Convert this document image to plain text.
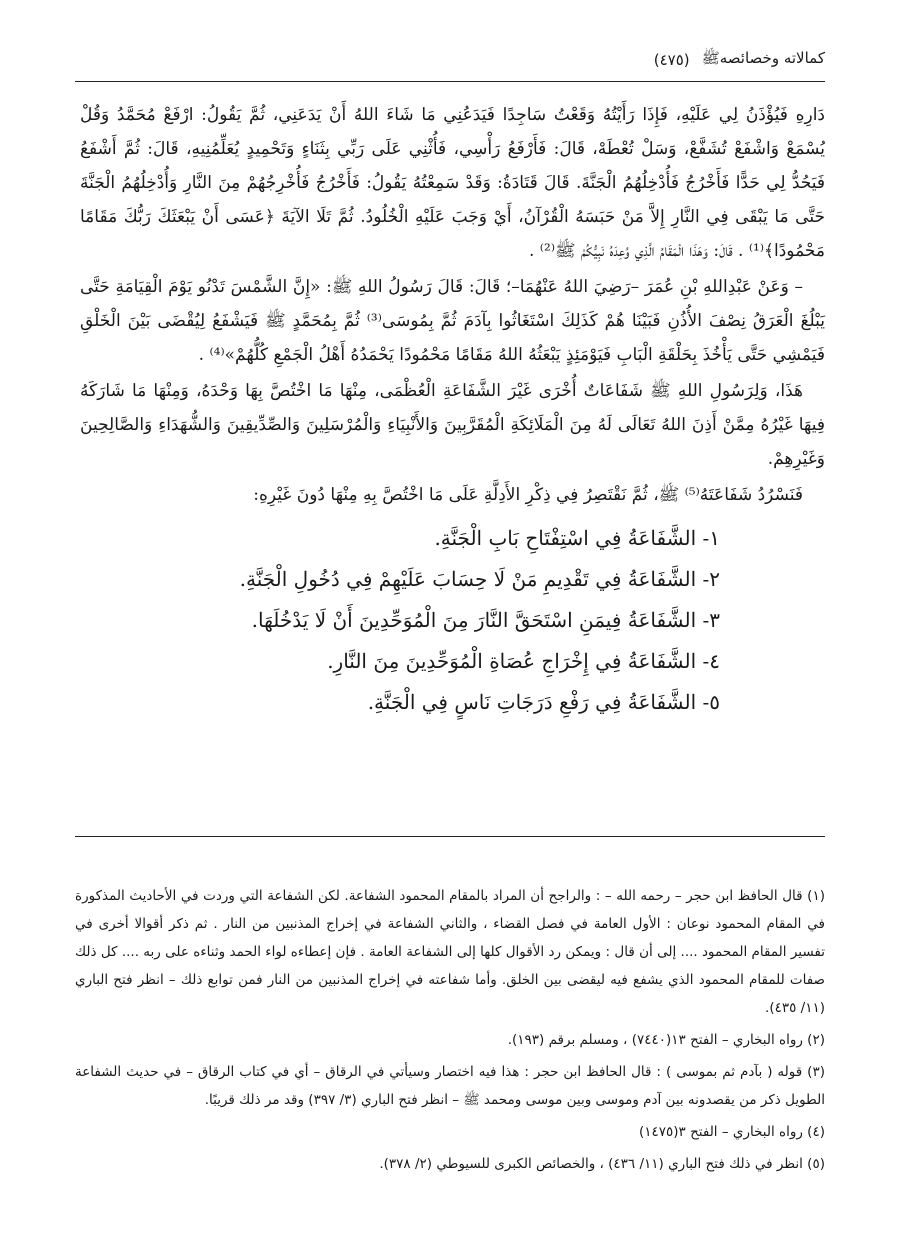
كمالاته وخصائصهﷺ
(٤٧٥)

دَارِهِ فَيُؤْذَنُ لِي عَلَيْهِ، فَإِذَا رَأَيْتُهُ وَقَعْتُ سَاجِدًا فَيَدَعُنِي مَا شَاءَ اللهُ أَنْ يَدَعَنِي، ثُمَّ يَقُولُ: ارْفَعْ مُحَمَّدُ وَقُلْ يُسْمَعْ وَاشْفَعْ تُشَفَّعْ، وَسَلْ تُعْطَهْ، قَالَ: فَأَرْفَعُ رَأْسِي، فَأُثْنِي عَلَى رَبِّي بِثَنَاءٍ وَتَحْمِيدٍ يُعَلِّمُنِيهِ، قَالَ: ثُمَّ أَشْفَعُ فَيَحُدُّ لِي حَدًّا فَأَخْرُجُ فَأُدْخِلُهُمُ الْجَنَّةَ. قَالَ قَتَادَةُ: وَقَدْ سَمِعْتُهُ يَقُولُ: فَأَخْرُجُ فَأُخْرِجُهُمْ مِنَ النَّارِ وَأُدْخِلُهُمُ الْجَنَّةَ حَتَّى مَا يَبْقَى فِي النَّارِ إِلاَّ مَنْ حَبَسَهُ الْقُرْآنُ، أَيْ وَجَبَ عَلَيْهِ الْخُلُودُ. ثُمَّ تَلَا الآيَةَ ﴿عَسَى أَنْ يَبْعَثَكَ رَبُّكَ مَقَامًا مَحْمُودًا﴾⁽¹⁾ . قَالَ: وَهَذَا الْمَقَامُ الَّذِي وُعِدَهُ نَبِيُّكُمْ ﷺ⁽²⁾ .

– وَعَنْ عَبْدِاللهِ بْنِ عُمَرَ –رَضِيَ اللهُ عَنْهُمَا–؛ قَالَ: قَالَ رَسُولُ اللهِ ﷺ: «إِنَّ الشَّمْسَ تَدْنُو يَوْمَ الْقِيَامَةِ حَتَّى يَبْلُغَ الْعَرَقُ نِصْفَ الأُذُنِ فَبَيْنَا هُمْ كَذَلِكَ اسْتَغَاثُوا بِآدَمَ ثُمَّ بِمُوسَى⁽³⁾ ثُمَّ بِمُحَمَّدٍ ﷺ فَيَشْفَعُ لِيُقْضَى بَيْنَ الْخَلْقِ فَيَمْشِي حَتَّى يَأْخُذَ بِحَلْقَةِ الْبَابِ فَيَوْمَئِذٍ يَبْعَثُهُ اللهُ مَقَامًا مَحْمُودًا يَحْمَدُهُ أَهْلُ الْجَمْعِ كُلُّهُمْ»⁽⁴⁾ .

هَذَا، وَلِرَسُولِ اللهِ ﷺ شَفَاعَاتٌ أُخْرَى غَيْرَ الشَّفَاعَةِ الْعُظْمَى، مِنْهَا مَا اخْتُصَّ بِهَا وَحْدَهُ، وَمِنْهَا مَا شَارَكَهُ فِيهَا غَيْرُهُ مِمَّنْ أَذِنَ اللهُ تَعَالَى لَهُ مِنَ الْمَلَائِكَةِ الْمُقَرَّبِينَ وَالأَنْبِيَاءِ وَالْمُرْسَلِينَ وَالصِّدِّيقِينَ وَالشُّهَدَاءِ وَالصَّالِحِينَ وَغَيْرِهِمْ.

فَنَسْرُدُ شَفَاعَتَهُ⁽⁵⁾ ﷺ، ثُمَّ نَقْتَصِرُ فِي ذِكْرِ الأَدِلَّةِ عَلَى مَا اخْتُصَّ بِهِ مِنْهَا دُونَ غَيْرِهِ:

١- الشَّفَاعَةُ فِي اسْتِفْتَاحِ بَابِ الْجَنَّةِ.

٢- الشَّفَاعَةُ فِي تَقْدِيمِ مَنْ لَا حِسَابَ عَلَيْهِمْ فِي دُخُولِ الْجَنَّةِ.

٣- الشَّفَاعَةُ فِيمَنِ اسْتَحَقَّ النَّارَ مِنَ الْمُوَحِّدِينَ أَنْ لَا يَدْخُلَهَا.

٤- الشَّفَاعَةُ فِي إِخْرَاجِ عُصَاةِ الْمُوَحِّدِينَ مِنَ النَّارِ.

٥- الشَّفَاعَةُ فِي رَفْعِ دَرَجَاتِ نَاسٍ فِي الْجَنَّةِ.

(١) قال الحافظ ابن حجر – رحمه الله – : والراجح أن المراد بالمقام المحمود الشفاعة. لكن الشفاعة التي وردت في الأحاديث المذكورة في المقام المحمود نوعان : الأول العامة في فصل القضاء ، والثاني الشفاعة في إخراج المذنبين من النار . ثم ذكر أقوالا أخرى في تفسير المقام المحمود .... إلى أن قال : ويمكن رد الأقوال كلها إلى الشفاعة العامة . فإن إعطاءه لواء الحمد وثناءه على ربه .... كل ذلك صفات للمقام المحمود الذي يشفع فيه ليقضى بين الخلق. وأما شفاعته في إخراج المذنبين من النار فمن توابع ذلك – انظر فتح الباري (١١/ ٤٣٥).

(٢) رواه البخاري – الفتح ١٣(٧٤٤٠) ، ومسلم برقم (١٩٣).

(٣) قوله ( بآدم ثم بموسى ) : قال الحافظ ابن حجر : هذا فيه اختصار وسيأتي في الرقاق – أي في كتاب الرقاق – في حديث الشفاعة الطويل ذكر من يقصدونه بين آدم وموسى وبين موسى ومحمد ﷺ – انظر فتح الباري (٣/ ٣٩٧) وقد مر ذلك قريبًا.

(٤) رواه البخاري – الفتح ٣(١٤٧٥)

(٥) انظر في ذلك فتح الباري (١١/ ٤٣٦) ، والخصائص الكبرى للسيوطي (٢/ ٣٧٨).
